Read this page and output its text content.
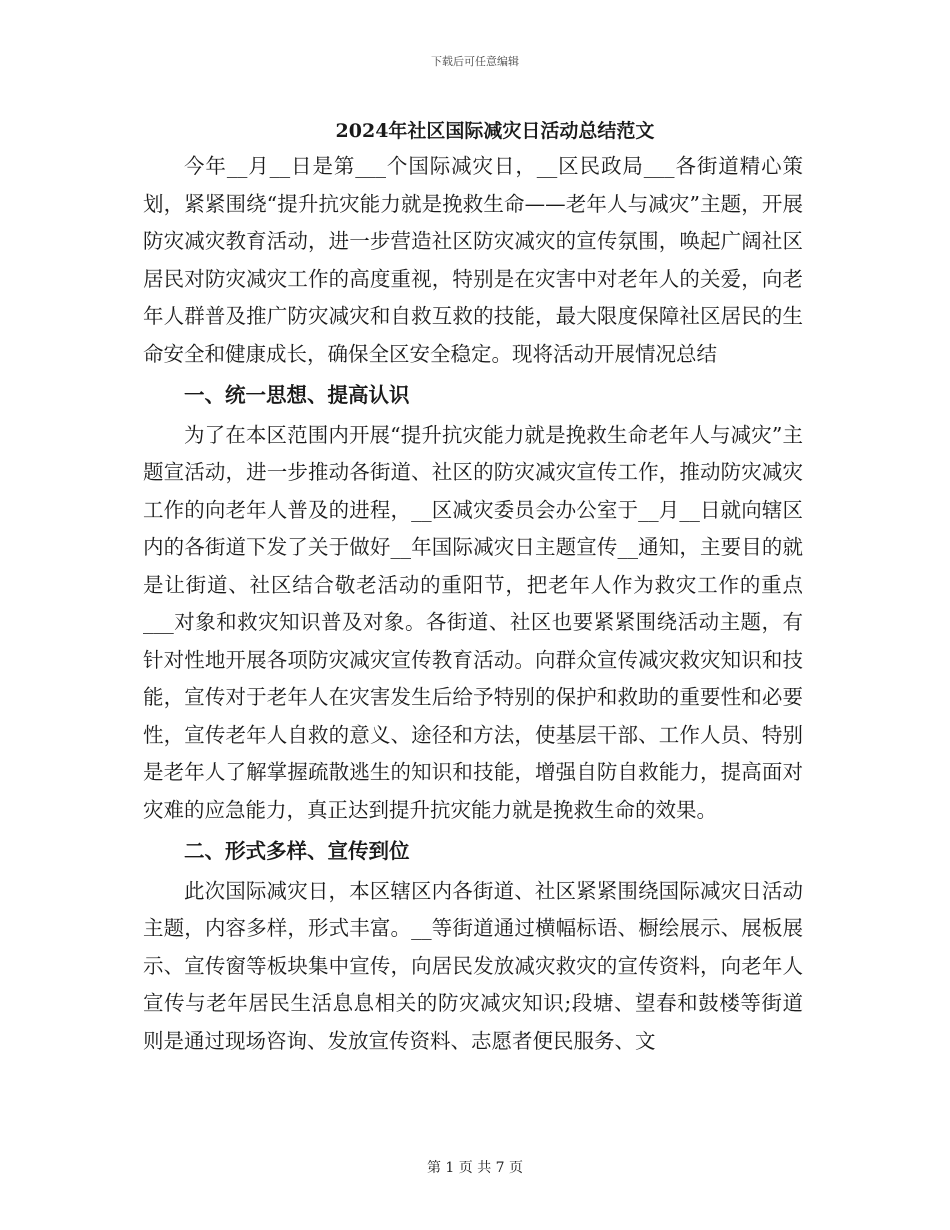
下载后可任意编辑
2024年社区国际减灾日活动总结范文

今年__月__日是第___个国际减灾日，__区民政局___各街道精心策划，紧紧围绕“提升抗灾能力就是挽救生命——老年人与减灾”主题，开展防灾减灾教育活动，进一步营造社区防灾减灾的宣传氛围，唤起广阔社区居民对防灾减灾工作的高度重视，特别是在灾害中对老年人的关爱，向老年人群普及推广防灾减灾和自救互救的技能，最大限度保障社区居民的生命安全和健康成长，确保全区安全稳定。现将活动开展情况总结

一、统一思想、提高认识

为了在本区范围内开展“提升抗灾能力就是挽救生命老年人与减灾”主题宣活动，进一步推动各街道、社区的防灾减灾宣传工作，推动防灾减灾工作的向老年人普及的进程，__区减灾委员会办公室于__月__日就向辖区内的各街道下发了关于做好__年国际减灾日主题宣传__通知，主要目的就是让街道、社区结合敬老活动的重阳节，把老年人作为救灾工作的重点___对象和救灾知识普及对象。各街道、社区也要紧紧围绕活动主题，有针对性地开展各项防灾减灾宣传教育活动。向群众宣传减灾救灾知识和技能，宣传对于老年人在灾害发生后给予特别的保护和救助的重要性和必要性，宣传老年人自救的意义、途径和方法，使基层干部、工作人员、特别是老年人了解掌握疏散逃生的知识和技能，增强自防自救能力，提高面对灾难的应急能力，真正达到提升抗灾能力就是挽救生命的效果。

二、形式多样、宣传到位

此次国际减灾日，本区辖区内各街道、社区紧紧围绕国际减灾日活动主题，内容多样，形式丰富。__等街道通过横幅标语、橱绘展示、展板展示、宣传窗等板块集中宣传，向居民发放减灾救灾的宣传资料，向老年人宣传与老年居民生活息息相关的防灾减灾知识;段塘、望春和鼓楼等街道则是通过现场咨询、发放宣传资料、志愿者便民服务、文

第 1 页 共 7 页
